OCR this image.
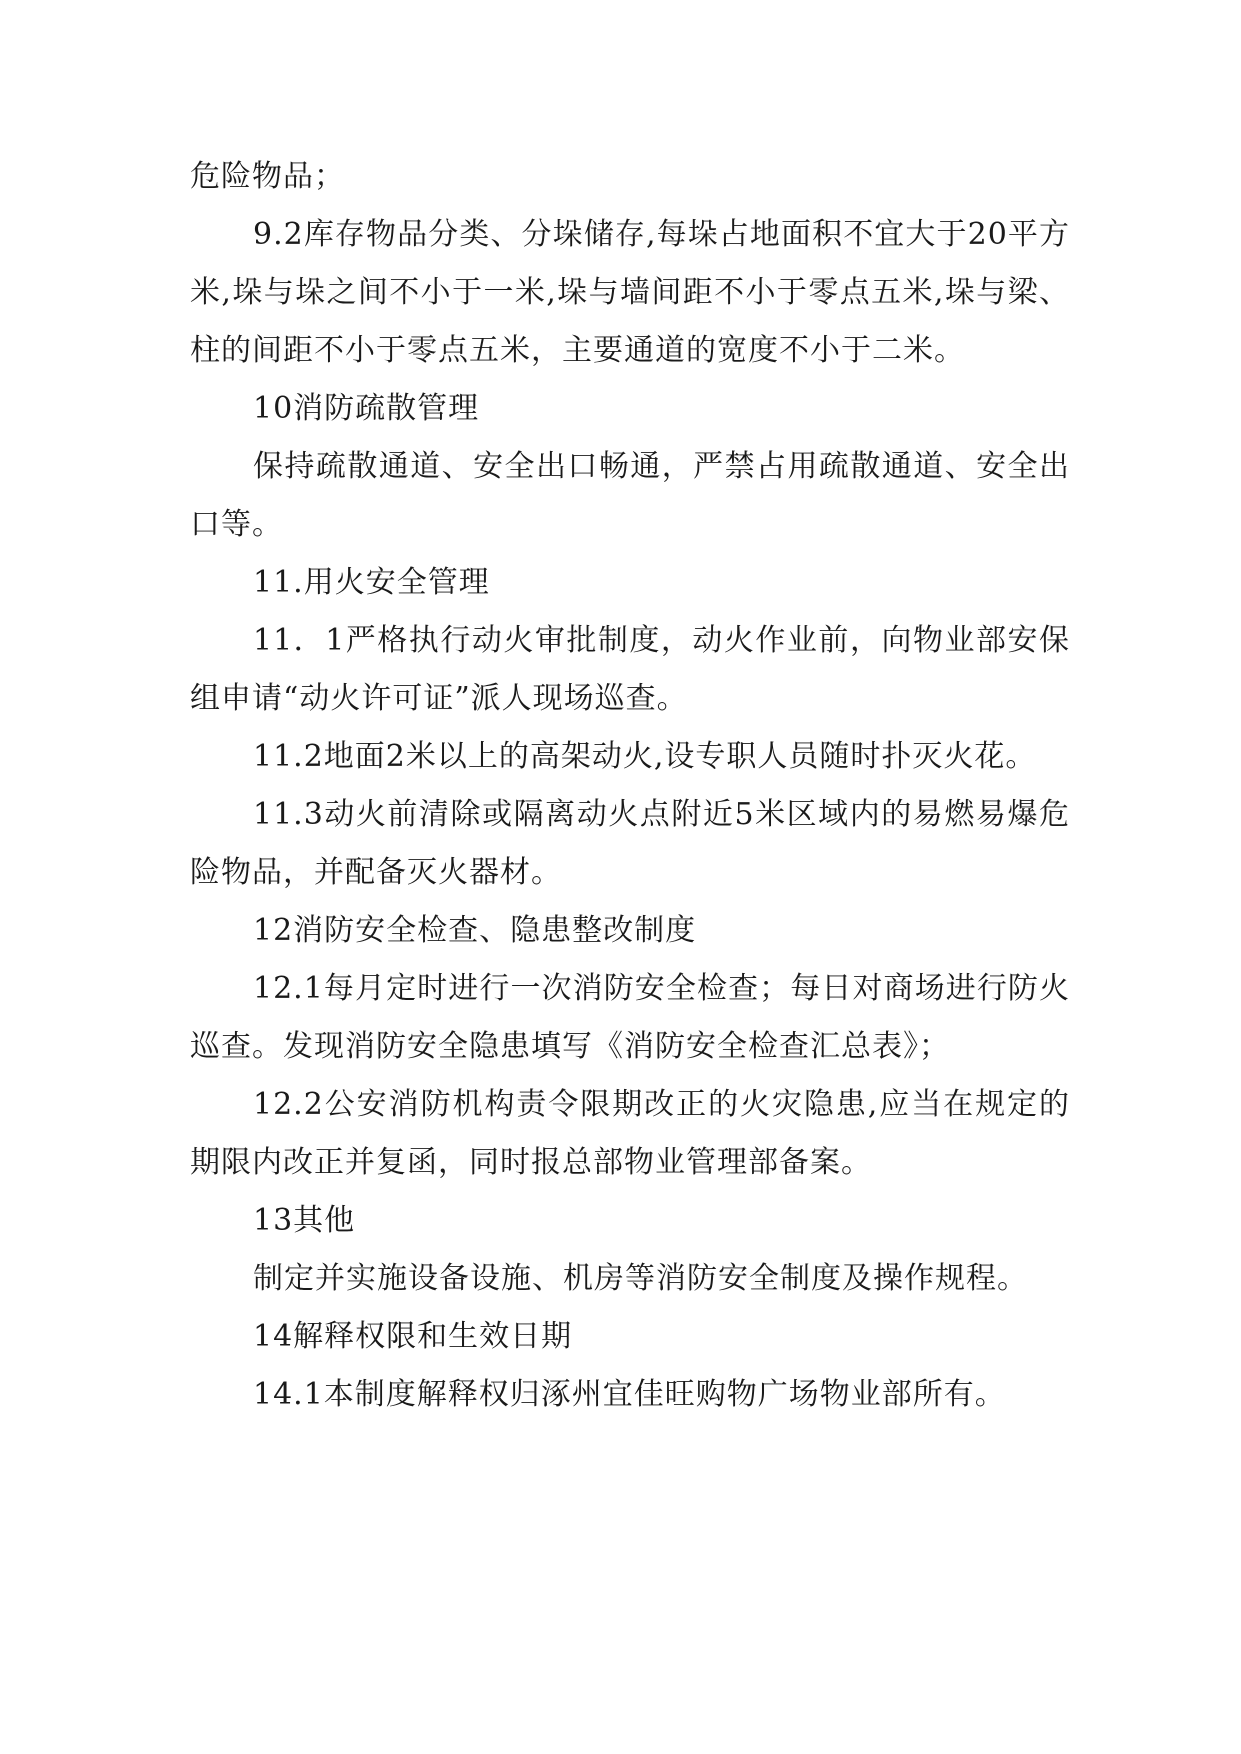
危险物品；

9.2库存物品分类、分垛储存,每垛占地面积不宜大于20平方米,垛与垛之间不小于一米,垛与墙间距不小于零点五米,垛与梁、柱的间距不小于零点五米，主要通道的宽度不小于二米。

10消防疏散管理

保持疏散通道、安全出口畅通，严禁占用疏散通道、安全出口等。

11.用火安全管理

11．1严格执行动火审批制度，动火作业前，向物业部安保组申请“动火许可证”派人现场巡查。

11.2地面2米以上的高架动火,设专职人员随时扑灭火花。

11.3动火前清除或隔离动火点附近5米区域内的易燃易爆危险物品，并配备灭火器材。

12消防安全检查、隐患整改制度

12.1每月定时进行一次消防安全检查；每日对商场进行防火巡查。发现消防安全隐患填写《消防安全检查汇总表》；

12.2公安消防机构责令限期改正的火灾隐患,应当在规定的期限内改正并复函，同时报总部物业管理部备案。

13其他

制定并实施设备设施、机房等消防安全制度及操作规程。

14解释权限和生效日期

14.1本制度解释权归涿州宜佳旺购物广场物业部所有。
